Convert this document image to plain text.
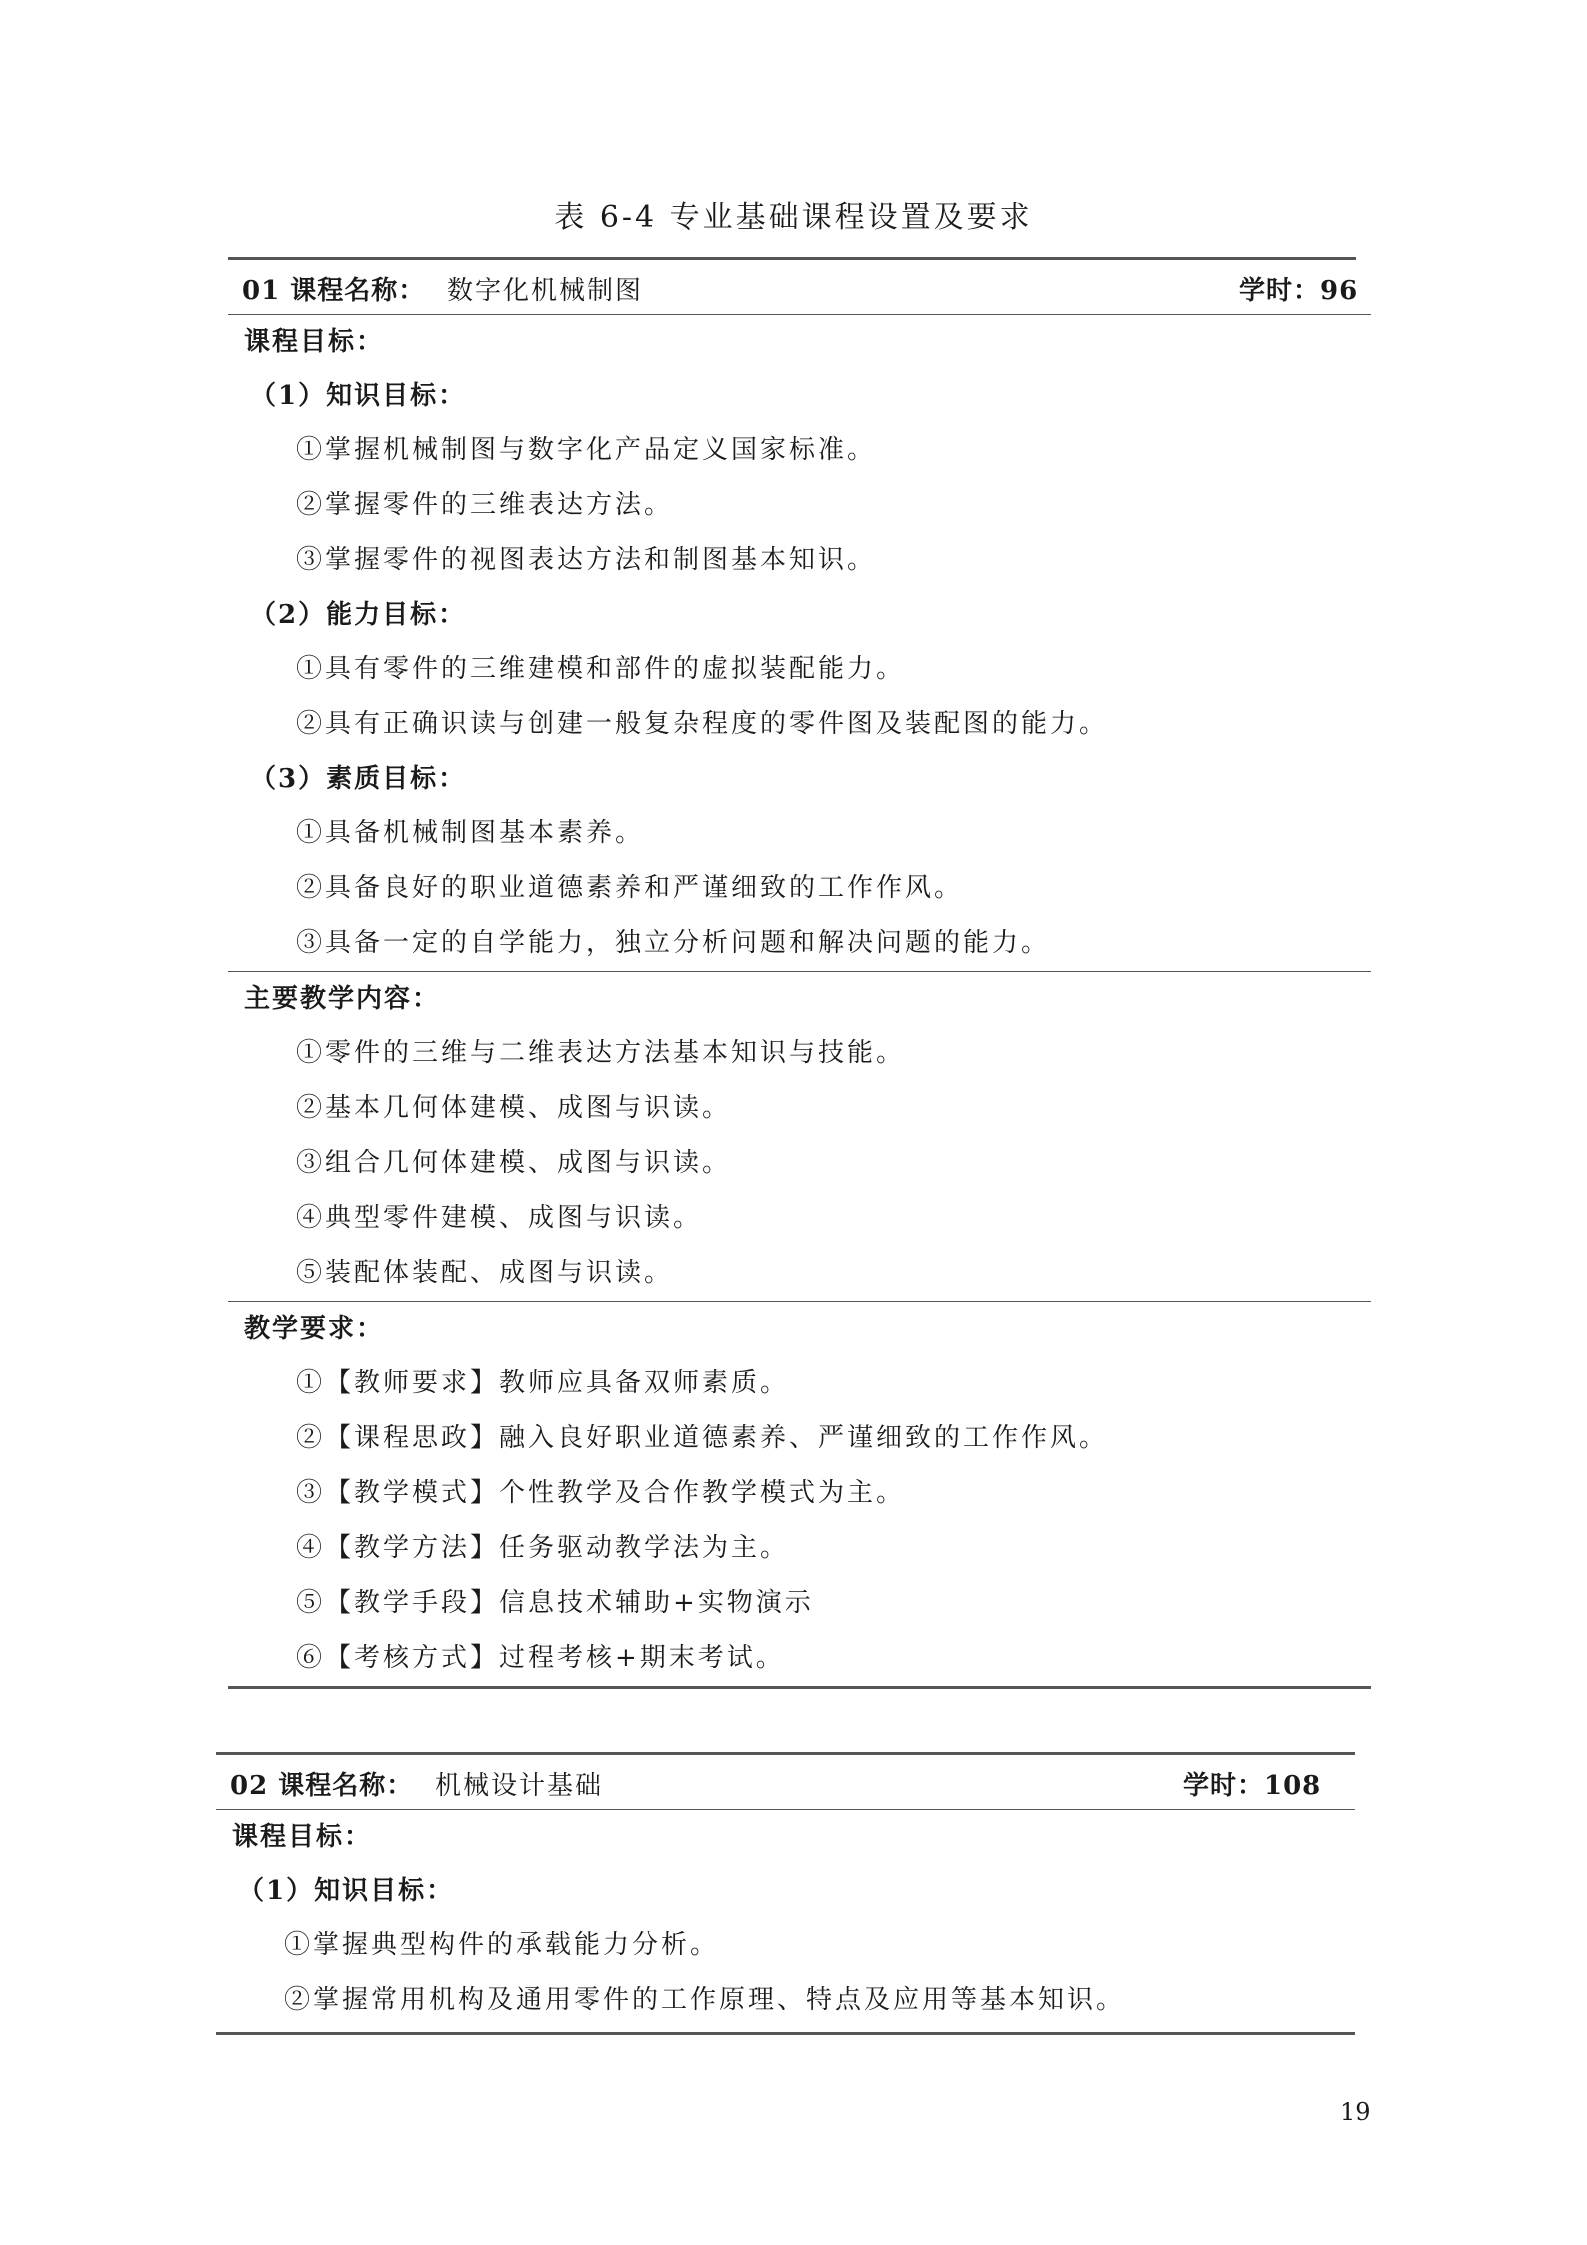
表 6-4 专业基础课程设置及要求
01 课程名称： 数字化机械制图	学时：96
课程目标：
（1）知识目标：
①掌握机械制图与数字化产品定义国家标准。
②掌握零件的三维表达方法。
③掌握零件的视图表达方法和制图基本知识。
（2）能力目标：
①具有零件的三维建模和部件的虚拟装配能力。
②具有正确识读与创建一般复杂程度的零件图及装配图的能力。
（3）素质目标：
①具备机械制图基本素养。
②具备良好的职业道德素养和严谨细致的工作作风。
③具备一定的自学能力，独立分析问题和解决问题的能力。
主要教学内容：
①零件的三维与二维表达方法基本知识与技能。
②基本几何体建模、成图与识读。
③组合几何体建模、成图与识读。
④典型零件建模、成图与识读。
⑤装配体装配、成图与识读。
教学要求：
①【教师要求】教师应具备双师素质。
②【课程思政】融入良好职业道德素养、严谨细致的工作作风。
③【教学模式】个性教学及合作教学模式为主。
④【教学方法】任务驱动教学法为主。
⑤【教学手段】信息技术辅助+实物演示
⑥【考核方式】过程考核+期末考试。
02 课程名称： 机械设计基础	学时：108
课程目标：
（1）知识目标：
①掌握典型构件的承载能力分析。
②掌握常用机构及通用零件的工作原理、特点及应用等基本知识。
19
